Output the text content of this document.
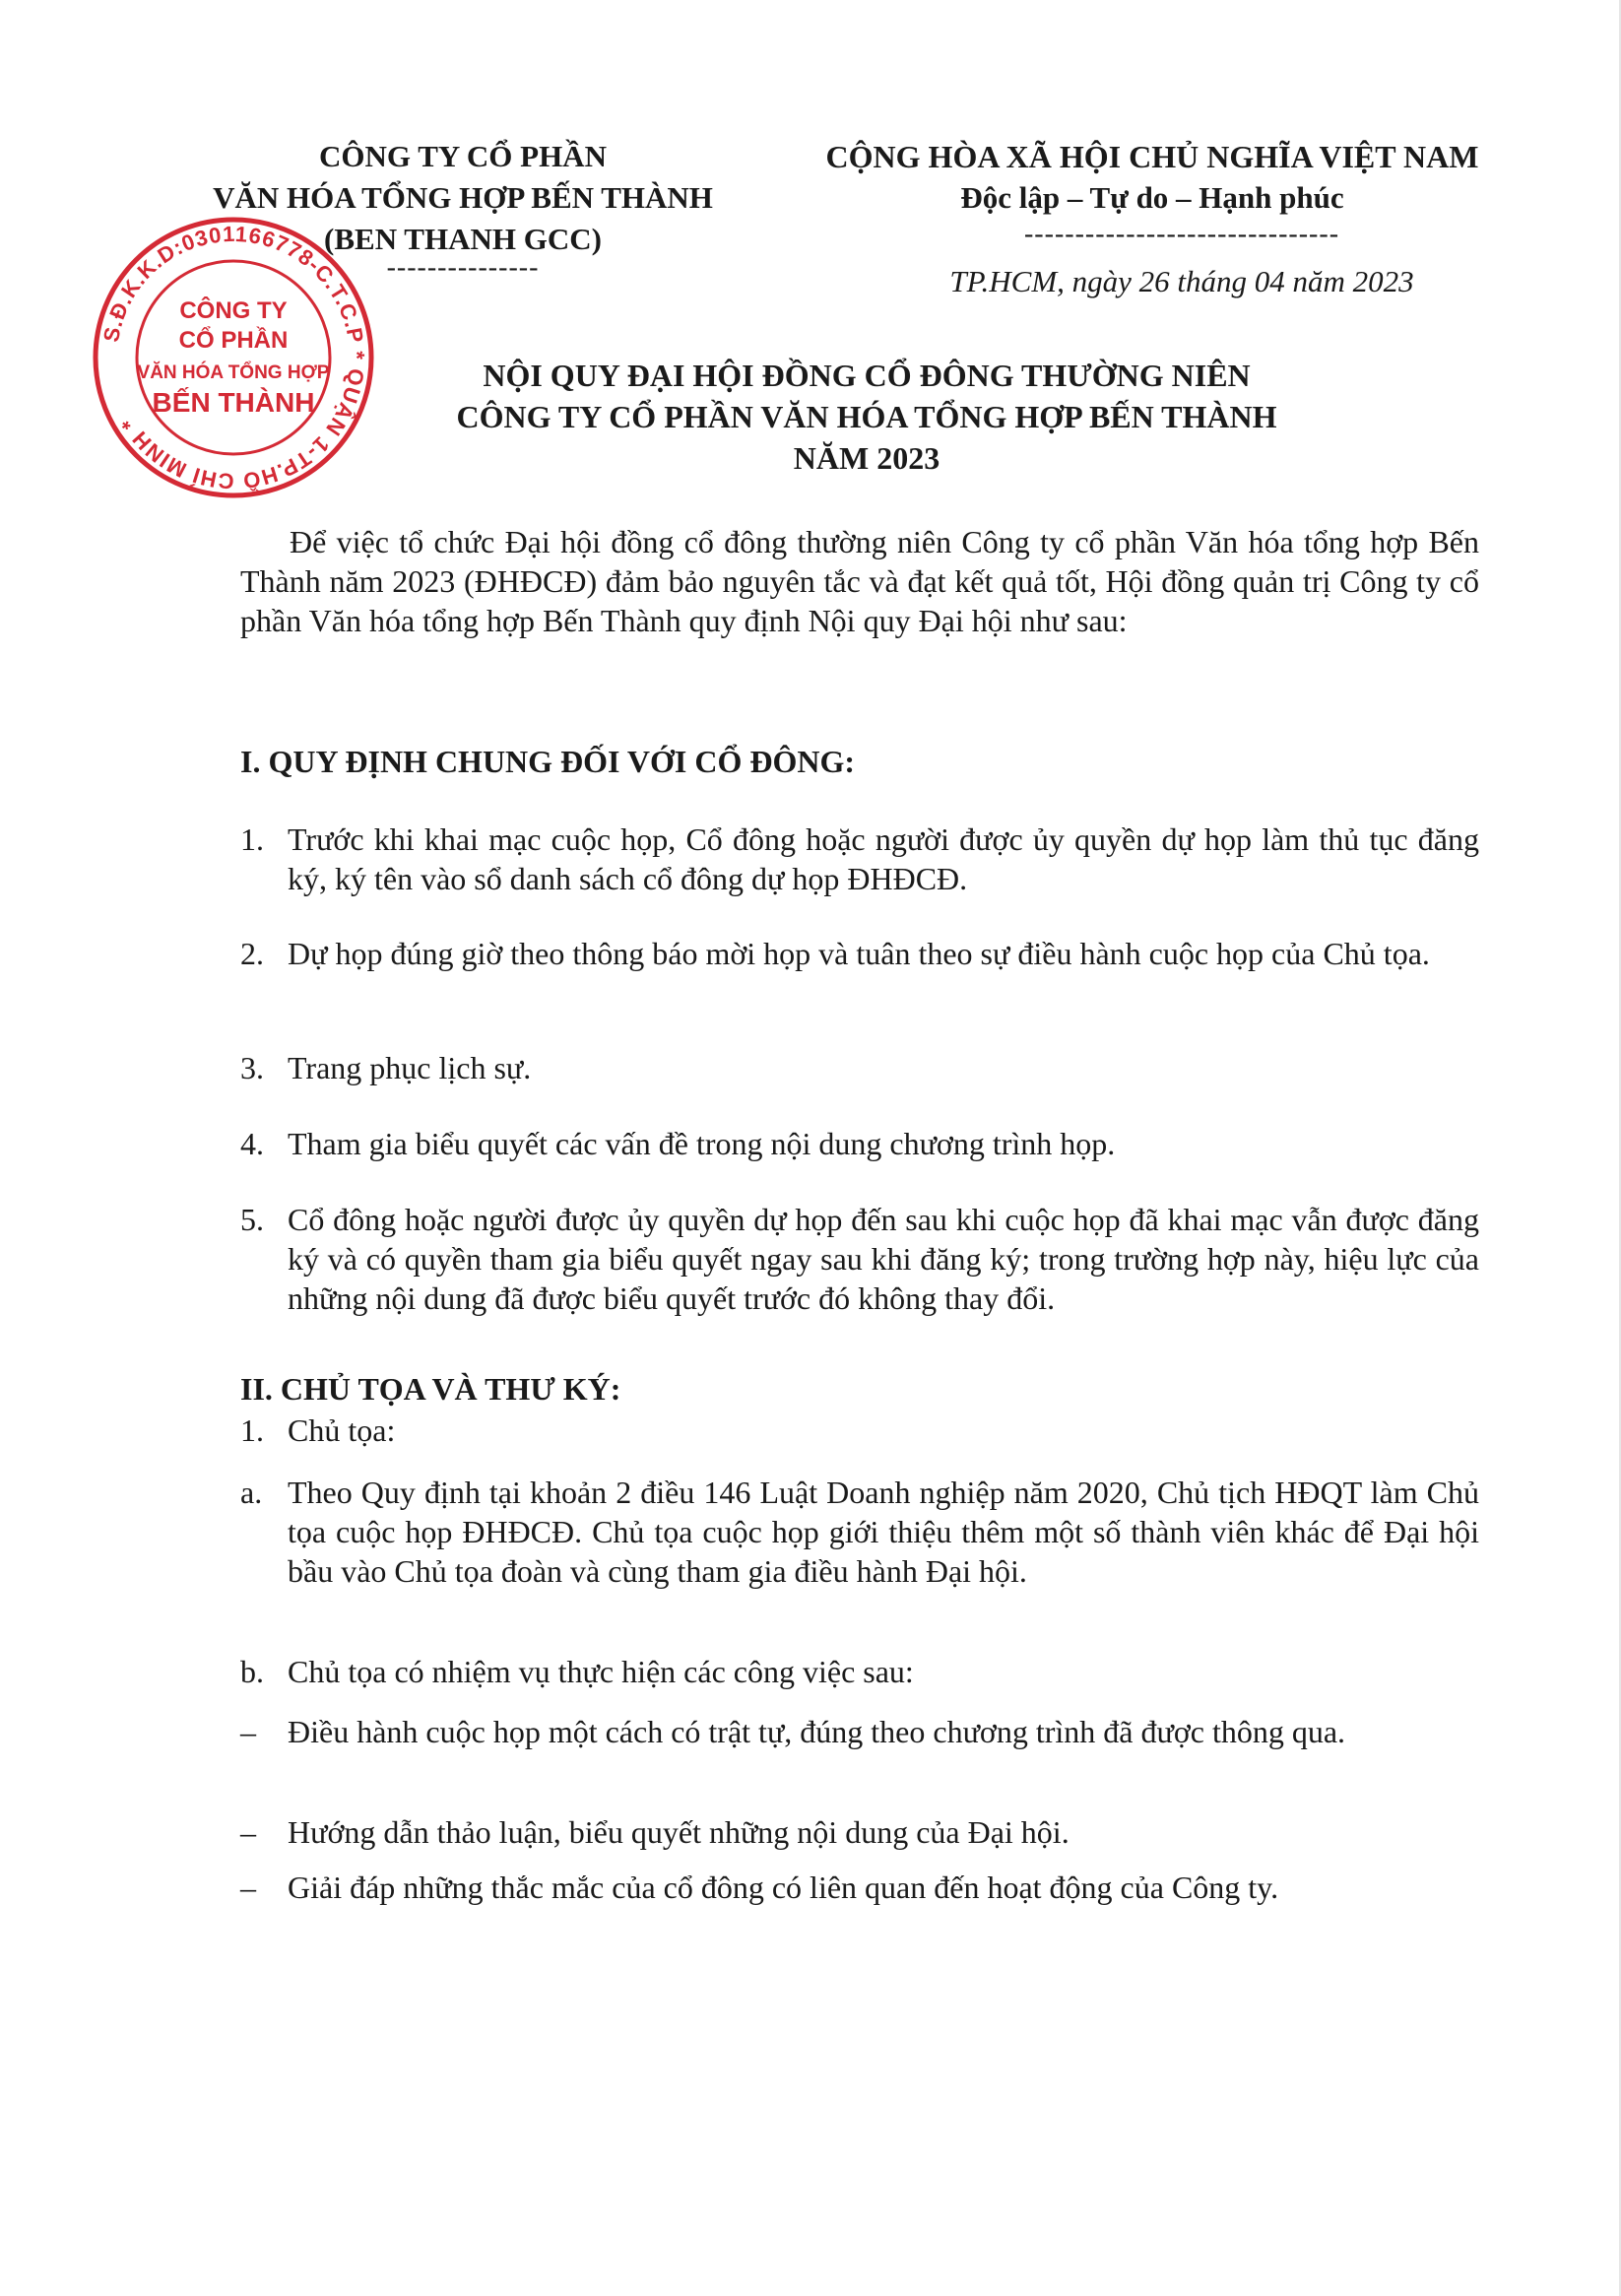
CÔNG TY CỔ PHẦN
VĂN HÓA TỔNG HỢP BẾN THÀNH
(BEN THANH GCC)
---------------
CỘNG HÒA XÃ HỘI CHỦ NGHĨA VIỆT NAM
Độc lập – Tự do – Hạnh phúc
-------------------------------
TP.HCM, ngày 26 tháng 04 năm 2023
S.Đ.K.K.D:0301166778-C.T.C.P * QUẬN 1-TP.HỒ CHÍ MINH *
CÔNG TY
CỔ PHẦN
VĂN HÓA TỔNG HỢP
BẾN THÀNH
NỘI QUY ĐẠI HỘI ĐỒNG CỔ ĐÔNG THƯỜNG NIÊN
CÔNG TY CỔ PHẦN VĂN HÓA TỔNG HỢP BẾN THÀNH
NĂM 2023
Để việc tổ chức Đại hội đồng cổ đông thường niên Công ty cổ phần Văn hóa tổng hợp Bến Thành năm 2023 (ĐHĐCĐ) đảm bảo nguyên tắc và đạt kết quả tốt, Hội đồng quản trị Công ty cổ phần Văn hóa tổng hợp Bến Thành quy định Nội quy Đại hội như sau:
I. QUY ĐỊNH CHUNG ĐỐI VỚI CỔ ĐÔNG:
1. Trước khi khai mạc cuộc họp, Cổ đông hoặc người được ủy quyền dự họp làm thủ tục đăng ký, ký tên vào sổ danh sách cổ đông dự họp ĐHĐCĐ.
2. Dự họp đúng giờ theo thông báo mời họp và tuân theo sự điều hành cuộc họp của Chủ tọa.
3. Trang phục lịch sự.
4. Tham gia biểu quyết các vấn đề trong nội dung chương trình họp.
5. Cổ đông hoặc người được ủy quyền dự họp đến sau khi cuộc họp đã khai mạc vẫn được đăng ký và có quyền tham gia biểu quyết ngay sau khi đăng ký; trong trường hợp này, hiệu lực của những nội dung đã được biểu quyết trước đó không thay đổi.
II. CHỦ TỌA VÀ THƯ KÝ:
1. Chủ tọa:
a. Theo Quy định tại khoản 2 điều 146 Luật Doanh nghiệp năm 2020, Chủ tịch HĐQT làm Chủ tọa cuộc họp ĐHĐCĐ. Chủ tọa cuộc họp giới thiệu thêm một số thành viên khác để Đại hội bầu vào Chủ tọa đoàn và cùng tham gia điều hành Đại hội.
b. Chủ tọa có nhiệm vụ thực hiện các công việc sau:
– Điều hành cuộc họp một cách có trật tự, đúng theo chương trình đã được thông qua.
– Hướng dẫn thảo luận, biểu quyết những nội dung của Đại hội.
– Giải đáp những thắc mắc của cổ đông có liên quan đến hoạt động của Công ty.
